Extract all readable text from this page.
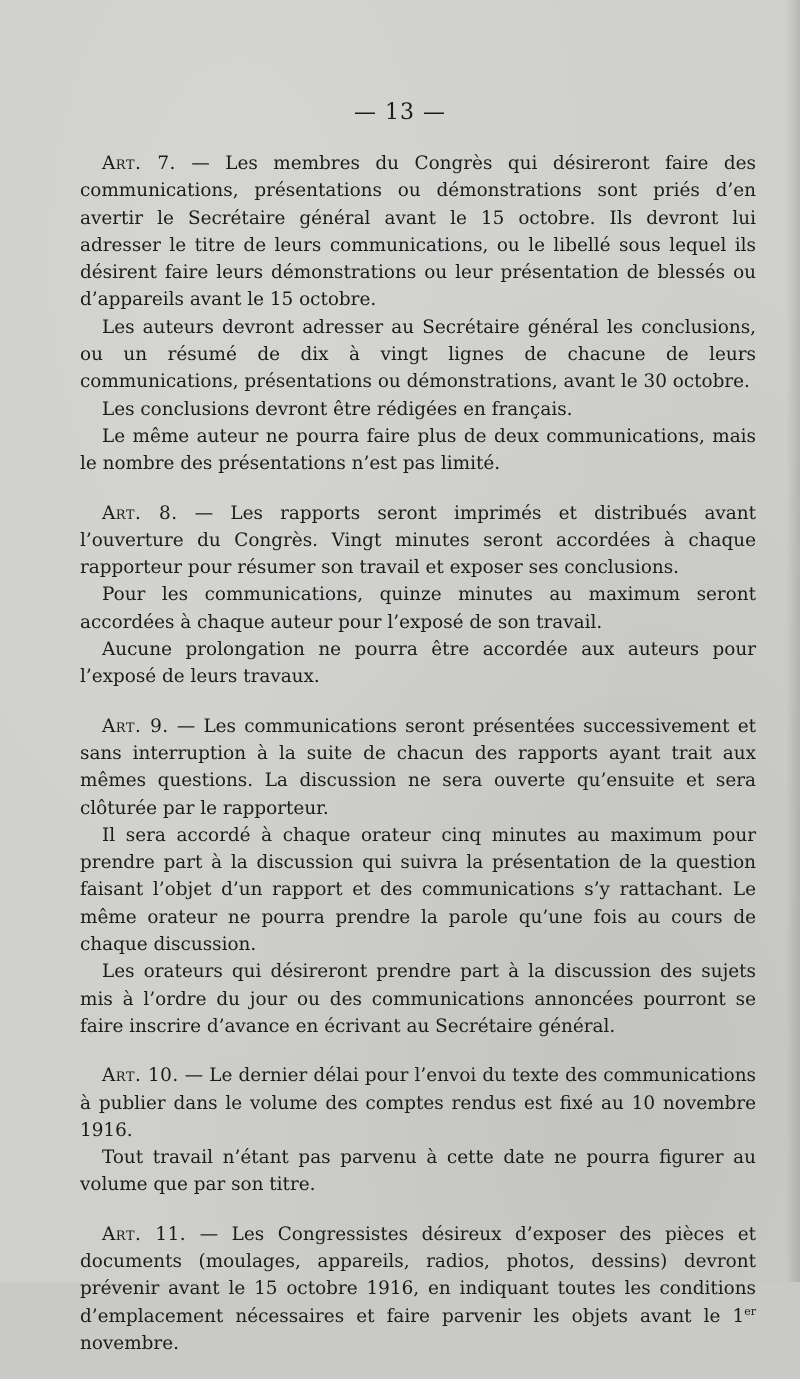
— 13 —

Art. 7. — Les membres du Congrès qui désireront faire des communications, présentations ou démonstrations sont priés d’en avertir le Secrétaire général avant le 15 octobre. Ils devront lui adresser le titre de leurs communications, ou le libellé sous lequel ils désirent faire leurs démonstrations ou leur présentation de blessés ou d’appareils avant le 15 octobre.

Les auteurs devront adresser au Secrétaire général les conclusions, ou un résumé de dix à vingt lignes de chacune de leurs communications, présentations ou démonstrations, avant le 30 octobre.

Les conclusions devront être rédigées en français.

Le même auteur ne pourra faire plus de deux communications, mais le nombre des présentations n’est pas limité.

Art. 8. — Les rapports seront imprimés et distribués avant l’ouverture du Congrès. Vingt minutes seront accordées à chaque rapporteur pour résumer son travail et exposer ses conclusions.

Pour les communications, quinze minutes au maximum seront accordées à chaque auteur pour l’exposé de son travail.

Aucune prolongation ne pourra être accordée aux auteurs pour l’exposé de leurs travaux.

Art. 9. — Les communications seront présentées successivement et sans interruption à la suite de chacun des rapports ayant trait aux mêmes questions. La discussion ne sera ouverte qu’ensuite et sera clôturée par le rapporteur.

Il sera accordé à chaque orateur cinq minutes au maximum pour prendre part à la discussion qui suivra la présentation de la question faisant l’objet d’un rapport et des communications s’y rattachant. Le même orateur ne pourra prendre la parole qu’une fois au cours de chaque discussion.

Les orateurs qui désireront prendre part à la discussion des sujets mis à l’ordre du jour ou des communications annoncées pourront se faire inscrire d’avance en écrivant au Secrétaire général.

Art. 10. — Le dernier délai pour l’envoi du texte des communications à publier dans le volume des comptes rendus est fixé au 10 novembre 1916.

Tout travail n’étant pas parvenu à cette date ne pourra figurer au volume que par son titre.

Art. 11. — Les Congressistes désireux d’exposer des pièces et documents (moulages, appareils, radios, photos, dessins) devront prévenir avant le 15 octobre 1916, en indiquant toutes les conditions d’emplacement nécessaires et faire parvenir les objets avant le 1er novembre.
